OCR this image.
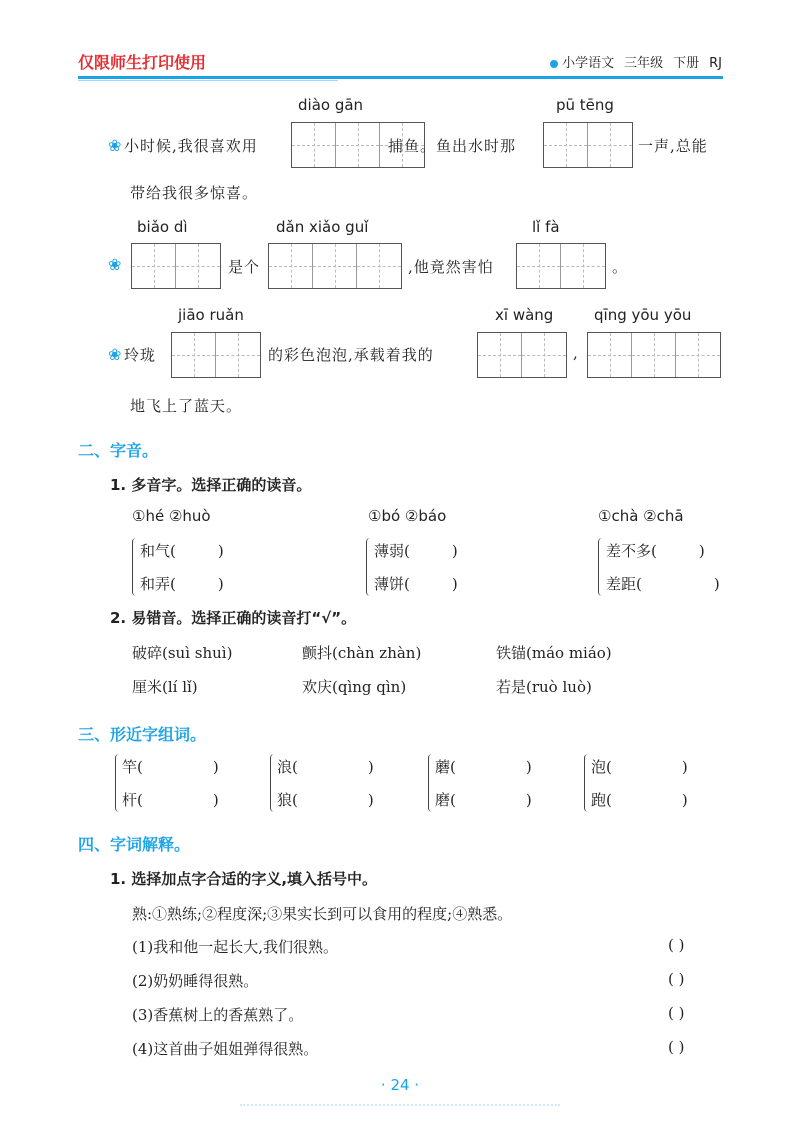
仅限师生打印使用	小学语文 三年级 下册 RJ
diào gān	pū tēng
❀ 小时候,我很喜欢用	捕鱼。鱼出水时那	一声,总能
带给我很多惊喜。
biǎo dì	dǎn xiǎo guǐ	lǐ fà
❀	是个	,他竟然害怕	。
jiāo ruǎn	xī wàng	qīng yōu yōu
❀ 玲珑	的彩色泡泡,承载着我的	,
地飞上了蓝天。
二、字音。
1. 多音字。选择正确的读音。
①hé ②huò	①bó ②báo	①chà ②chā
和气(	)
和弄(	)
薄弱(	)
薄饼(	)
差不多(	)
差距(	)
2. 易错音。选择正确的读音打“√”。
破碎(suì shuì)	颤抖(chàn zhàn)	铁锚(máo miáo)
厘米(lí lǐ)	欢庆(qìng qìn)	若是(ruò luò)
三、形近字组词。
竿(	)
杆(	)
浪(	)
狼(	)
蘑(	)
磨(	)
泡(	)
跑(	)
四、字词解释。
1. 选择加点字合适的字义,填入括号中。
熟:①熟练;②程度深;③果实长到可以食用的程度;④熟悉。
(1)我和他一起长大,我们很熟。	( )
(2)奶奶睡得很熟。	( )
(3)香蕉树上的香蕉熟了。	( )
(4)这首曲子姐姐弹得很熟。	( )
· 24 ·
